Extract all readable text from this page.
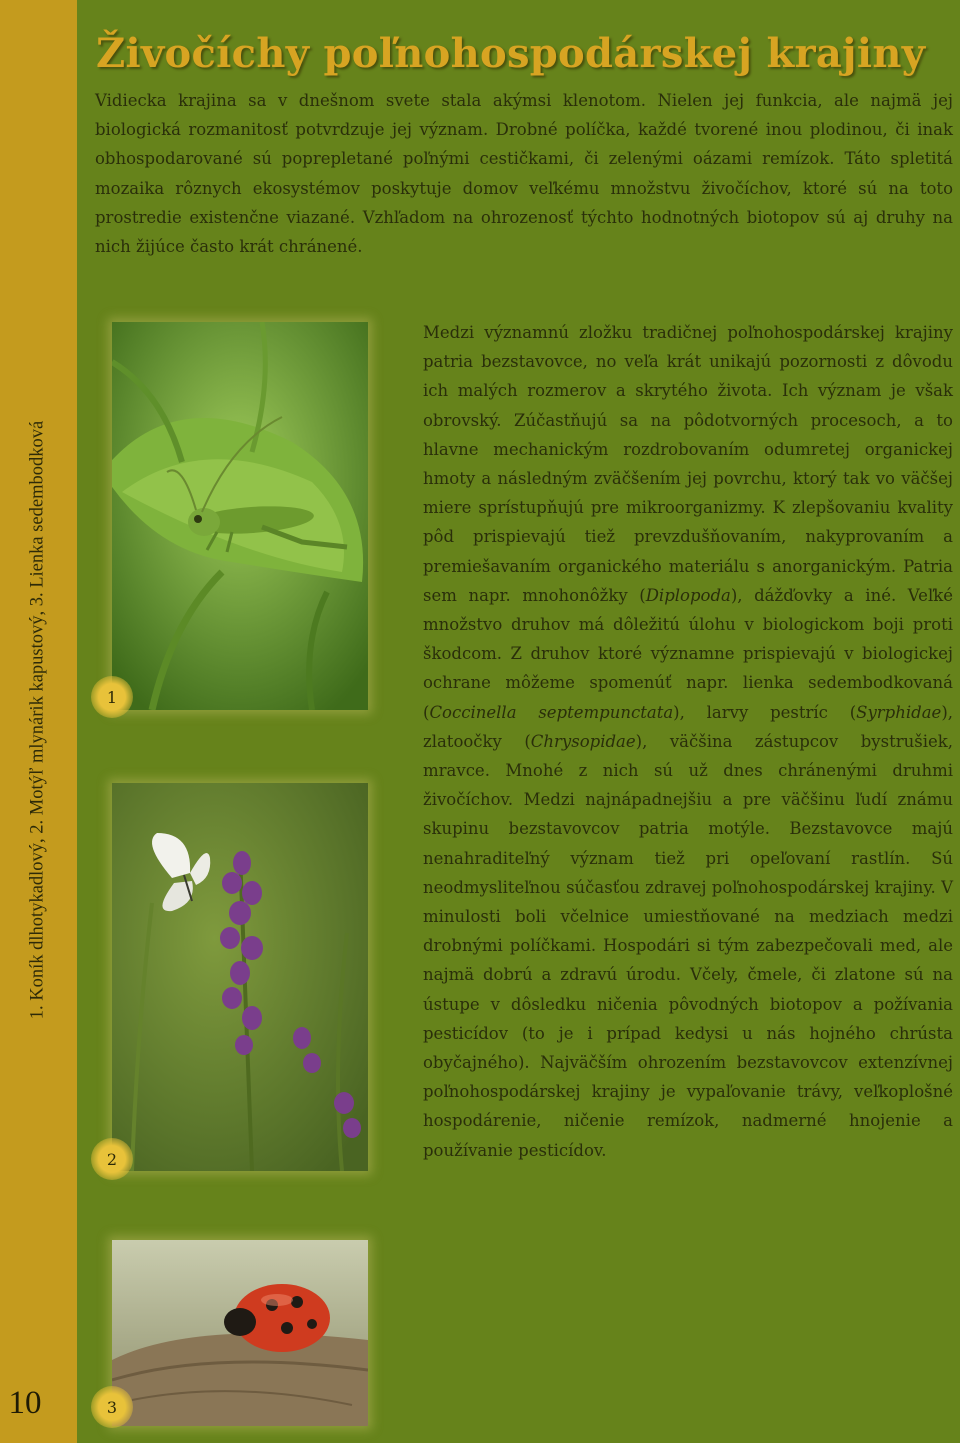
1. Koník dlhotykadlový, 2. Motýľ mlynárik kapustový, 3. Lienka sedembodková
10
Živočíchy poľnohospodárskej krajiny

Vidiecka krajina sa v dnešnom svete stala akýmsi klenotom. Nielen jej funkcia, ale najmä jej biologická rozmanitosť potvrdzuje jej význam. Drobné políčka, každé tvorené inou plodinou, či inak obhospodarované sú poprepletané poľnými cestičkami, či zelenými oázami remízok. Táto spletitá mozaika rôznych ekosystémov poskytuje domov veľkému množstvu živočíchov, ktoré sú na toto prostredie existenčne viazané. Vzhľadom na ohrozenosť týchto hodnotných biotopov sú aj druhy na nich žijúce často krát chránené.

1
2
3

Medzi významnú zložku tradičnej poľnohospodárskej krajiny patria bezstavovce, no veľa krát unikajú pozornosti z dôvodu ich malých rozmerov a skrytého života. Ich význam je však obrovský. Zúčastňujú sa na pôdotvorných procesoch, a to hlavne mechanickým rozdrobovaním odumretej organickej hmoty a následným zväčšením jej povrchu, ktorý tak vo väčšej miere sprístupňujú pre mikroorganizmy. K zlepšovaniu kvality pôd prispievajú tiež prevzdušňovaním, nakyprovaním a premiešavaním organického materiálu s anorganickým. Patria sem napr. mnohonôžky (Diplopoda), dážďovky a iné. Veľké množstvo druhov má dôležitú úlohu v biologickom boji proti škodcom. Z druhov ktoré významne prispievajú v biologickej ochrane môžeme spomenúť napr. lienka sedembodkovaná (Coccinella septempunctata), larvy pestríc (Syrphidae), zlatoočky (Chrysopidae), väčšina zástupcov bystrušiek, mravce. Mnohé z nich sú už dnes chránenými druhmi živočíchov. Medzi najnápadnejšiu a pre väčšinu ľudí známu skupinu bezstavovcov patria motýle. Bezstavovce majú nenahraditeľný význam tiež pri opeľovaní rastlín. Sú neodmysliteľnou súčasťou zdravej poľnohospodárskej krajiny. V minulosti boli včelnice umiestňované na medziach medzi drobnými políčkami. Hospodári si tým zabezpečovali med, ale najmä dobrú a zdravú úrodu. Včely, čmele, či zlatone sú na ústupe v dôsledku ničenia pôvodných biotopov a požívania pesticídov (to je i prípad kedysi u nás hojného chrústa obyčajného). Najväčším ohrozením bezstavovcov extenzívnej poľnohospodárskej krajiny je vypaľovanie trávy, veľkoplošné hospodárenie, ničenie remízok, nadmerné hnojenie a používanie pesticídov.
